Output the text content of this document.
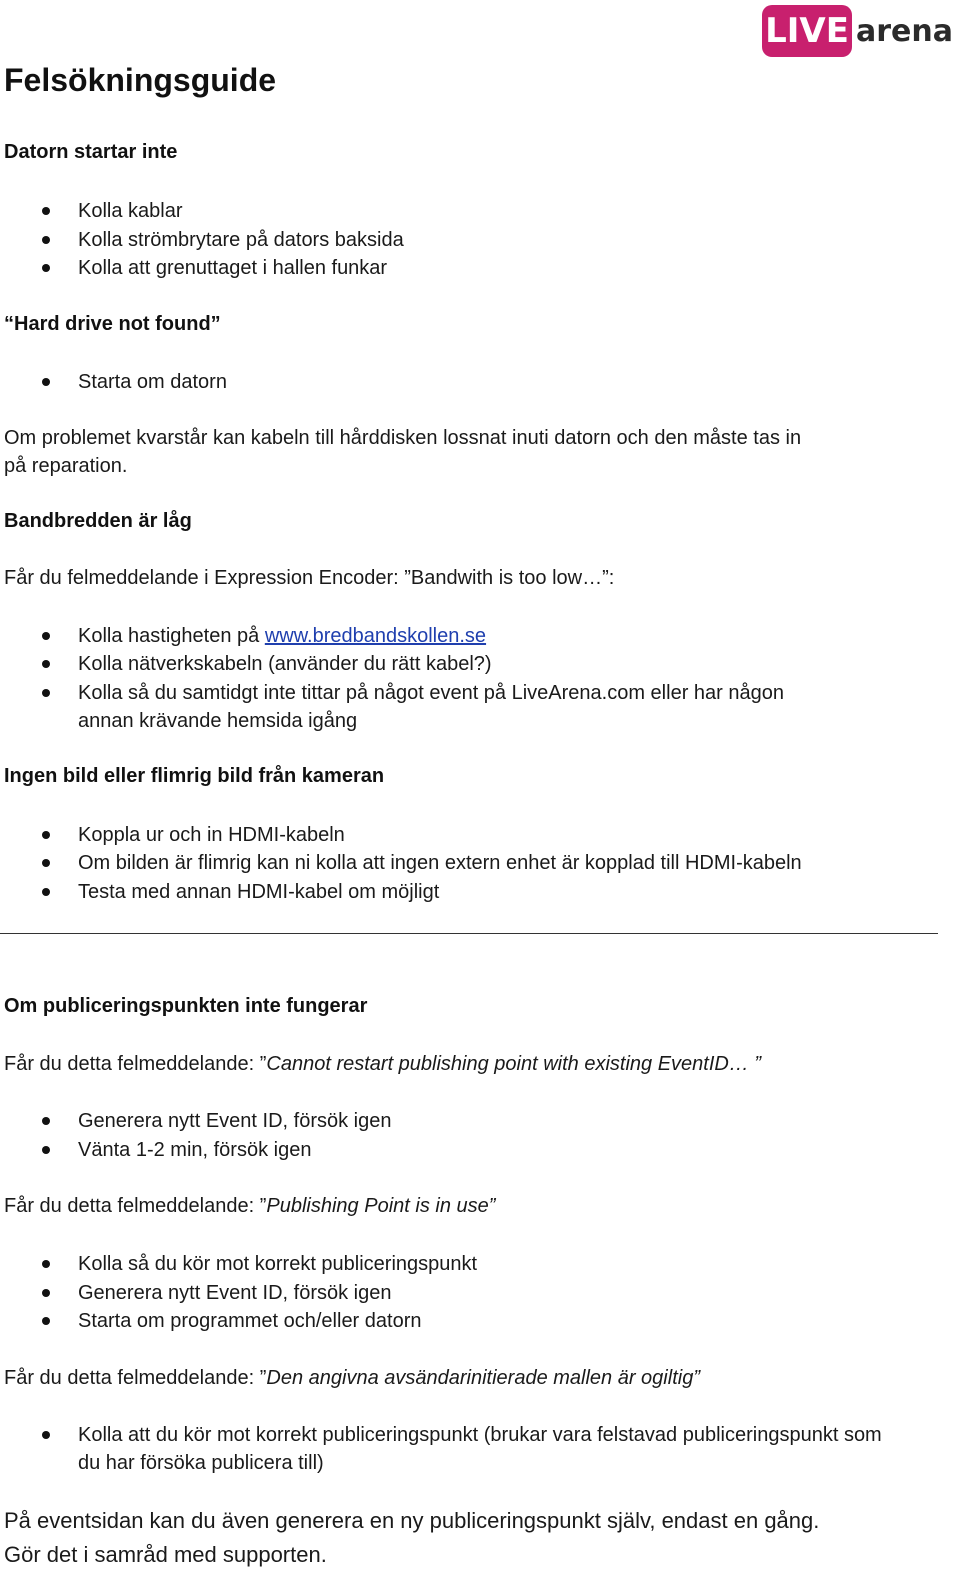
LIVE arena
Felsökningsguide
Datorn startar inte
Kolla kablar
Kolla strömbrytare på dators baksida
Kolla att grenuttaget i hallen funkar
“Hard drive not found”
Starta om datorn
Om problemet kvarstår kan kabeln till hårddisken lossnat inuti datorn och den måste tas in
på reparation.
Bandbredden är låg
Får du felmeddelande i Expression Encoder: ”Bandwith is too low…”:
Kolla hastigheten på www.bredbandskollen.se
Kolla nätverkskabeln (använder du rätt kabel?)
Kolla så du samtidgt inte tittar på något event på LiveArena.com eller har någon
annan krävande hemsida igång
Ingen bild eller flimrig bild från kameran
Koppla ur och in HDMI-kabeln
Om bilden är flimrig kan ni kolla att ingen extern enhet är kopplad till HDMI-kabeln
Testa med annan HDMI-kabel om möjligt
Om publiceringspunkten inte fungerar
Får du detta felmeddelande: ”Cannot restart publishing point with existing EventID… ”
Generera nytt Event ID, försök igen
Vänta 1-2 min, försök igen
Får du detta felmeddelande: ”Publishing Point is in use”
Kolla så du kör mot korrekt publiceringspunkt
Generera nytt Event ID, försök igen
Starta om programmet och/eller datorn
Får du detta felmeddelande: ”Den angivna avsändarinitierade mallen är ogiltig”
Kolla att du kör mot korrekt publiceringspunkt (brukar vara felstavad publiceringspunkt som
du har försöka publicera till)
På eventsidan kan du även generera en ny publiceringspunkt själv, endast en gång.
Gör det i samråd med supporten.
